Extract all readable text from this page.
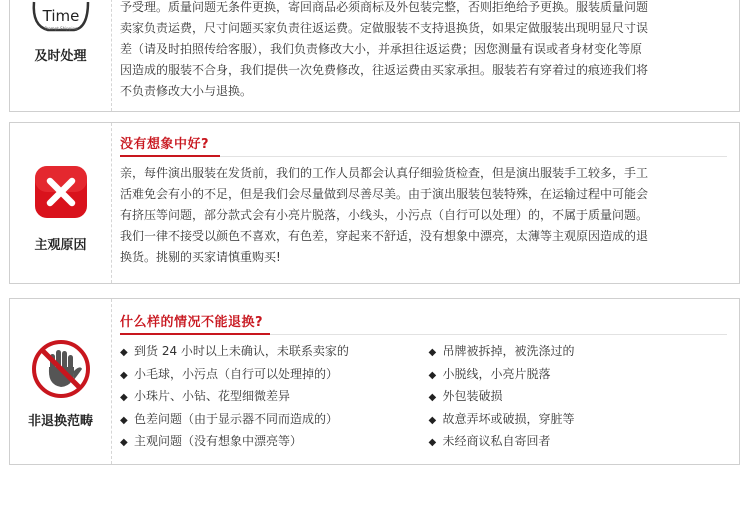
Time
Prompt Shipping
及时处理

予受理。质量问题无条件更换，寄回商品必须商标及外包装完整，否则拒绝给予更换。服装质量问题

卖家负责运费，尺寸问题买家负责往返运费。定做服装不支持退换货，如果定做服装出现明显尺寸误

差（请及时拍照传给客服），我们负责修改大小，并承担往返运费；因您测量有误或者身材变化等原

因造成的服装不合身，我们提供一次免费修改，往返运费由买家承担。服装若有穿着过的痕迹我们将

不负责修改大小与退换。

主观原因
没有想象中好?

亲，每件演出服装在发货前，我们的工作人员都会认真仔细验货检查，但是演出服装手工较多，手工

活难免会有小的不足，但是我们会尽量做到尽善尽美。由于演出服装包装特殊，在运输过程中可能会

有挤压等问题，部分款式会有小亮片脱落，小线头，小污点（自行可以处理）的，不属于质量问题。

我们一律不接受以颜色不喜欢，有色差，穿起来不舒适，没有想象中漂亮，太薄等主观原因造成的退

换货。挑剔的买家请慎重购买!

非退换范畴
什么样的情况不能退换?
◆ 到货 24 小时以上未确认，未联系卖家的
◆ 小毛球，小污点（自行可以处理掉的）
◆ 小珠片、小钻、花型细微差异
◆ 色差问题（由于显示器不同而造成的）
◆ 主观问题（没有想象中漂亮等）
◆ 吊牌被拆掉，被洗涤过的
◆ 小脱线，小亮片脱落
◆ 外包装破损
◆ 故意弄坏或破损，穿脏等
◆ 未经商议私自寄回者
